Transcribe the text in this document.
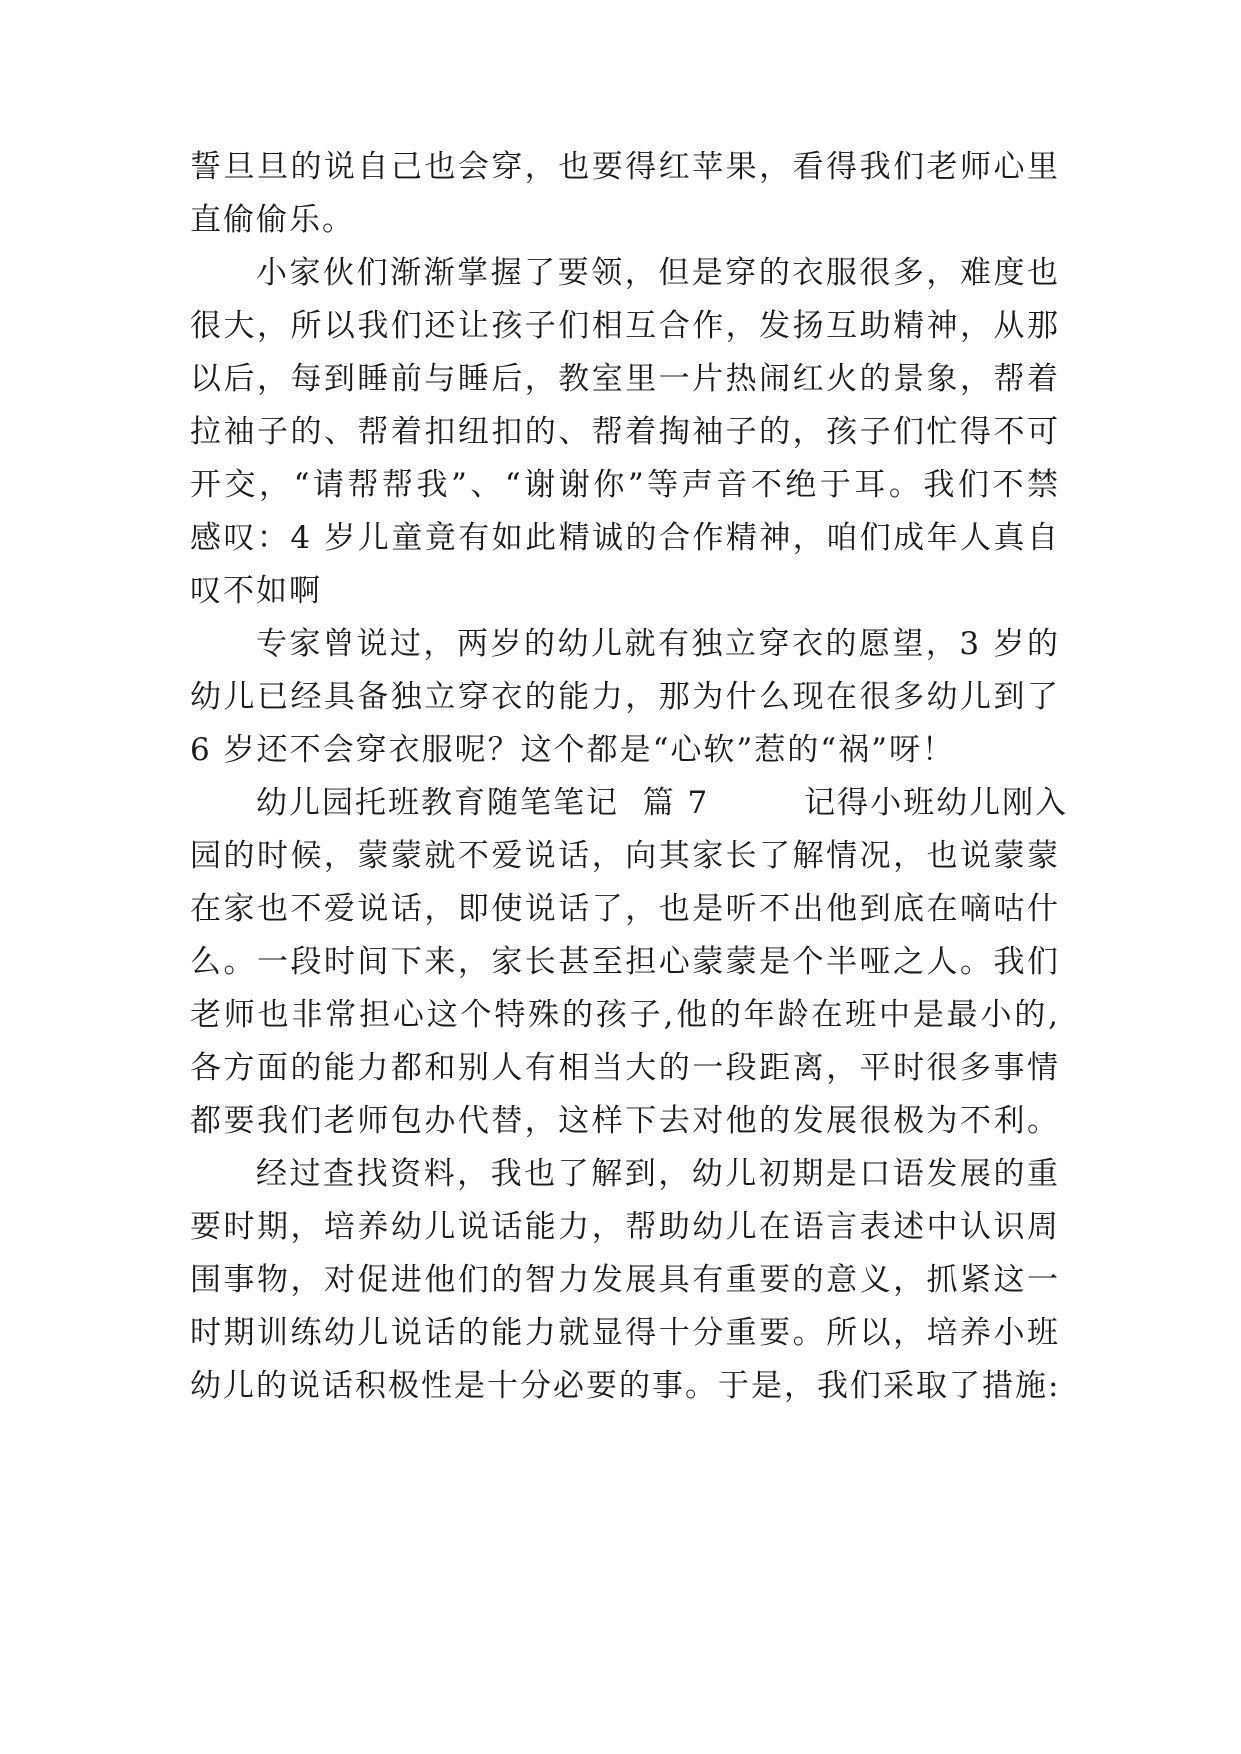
誓旦旦的说自己也会穿，也要得红苹果，看得我们老师心里
直偷偷乐。
小家伙们渐渐掌握了要领，但是穿的衣服很多，难度也
很大，所以我们还让孩子们相互合作，发扬互助精神，从那
以后，每到睡前与睡后，教室里一片热闹红火的景象，帮着
拉袖子的、帮着扣纽扣的、帮着掏袖子的，孩子们忙得不可
开交，“请帮帮我”、“谢谢你”等声音不绝于耳。我们不禁
感叹：4 岁儿童竟有如此精诚的合作精神，咱们成年人真自
叹不如啊
专家曾说过，两岁的幼儿就有独立穿衣的愿望，3 岁的
幼儿已经具备独立穿衣的能力，那为什么现在很多幼儿到了
6 岁还不会穿衣服呢？这个都是“心软”惹的“祸”呀！
幼儿园托班教育随笔笔记  篇 7        记得小班幼儿刚入
园的时候，蒙蒙就不爱说话，向其家长了解情况，也说蒙蒙
在家也不爱说话，即使说话了，也是听不出他到底在嘀咕什
么。一段时间下来，家长甚至担心蒙蒙是个半哑之人。我们
老师也非常担心这个特殊的孩子,他的年龄在班中是最小的,
各方面的能力都和别人有相当大的一段距离，平时很多事情
都要我们老师包办代替，这样下去对他的发展很极为不利。
经过查找资料，我也了解到，幼儿初期是口语发展的重
要时期，培养幼儿说话能力，帮助幼儿在语言表述中认识周
围事物，对促进他们的智力发展具有重要的意义，抓紧这一
时期训练幼儿说话的能力就显得十分重要。所以，培养小班
幼儿的说话积极性是十分必要的事。于是，我们采取了措施:
